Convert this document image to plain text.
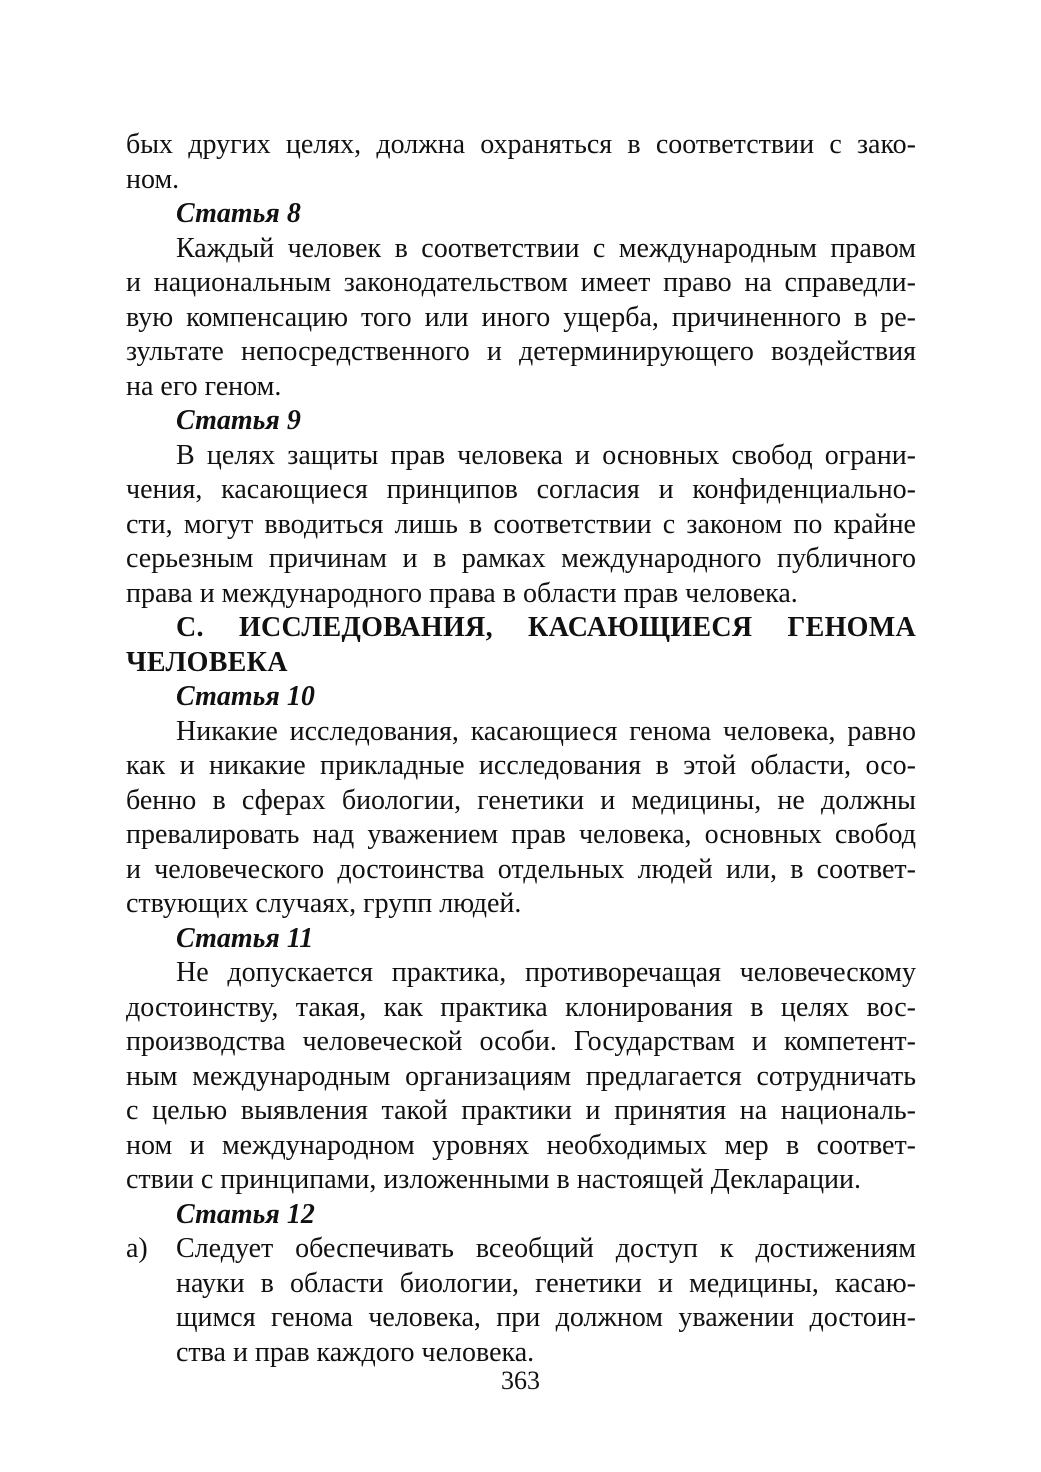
бых других целях, должна охраняться в соответствии с зако-
ном.
Статья 8
Каждый человек в соответствии с международным правом
и национальным законодательством имеет право на справедли-
вую компенсацию того или иного ущерба, причиненного в ре-
зультате непосредственного и детерминирующего воздействия
на его геном.
Статья 9
В целях защиты прав человека и основных свобод ограни-
чения, касающиеся принципов согласия и конфиденциально-
сти, могут вводиться лишь в соответствии с законом по крайне
серьезным причинам и в рамках международного публичного
права и международного права в области прав человека.
С. ИССЛЕДОВАНИЯ, КАСАЮЩИЕСЯ ГЕНОМА
ЧЕЛОВЕКА
Статья 10
Никакие исследования, касающиеся генома человека, равно
как и никакие прикладные исследования в этой области, осо-
бенно в сферах биологии, генетики и медицины, не должны
превалировать над уважением прав человека, основных свобод
и человеческого достоинства отдельных людей или, в соответ-
ствующих случаях, групп людей.
Статья 11
Не допускается практика, противоречащая человеческому
достоинству, такая, как практика клонирования в целях вос-
производства человеческой особи. Государствам и компетент-
ным международным организациям предлагается сотрудничать
с целью выявления такой практики и принятия на националь-
ном и международном уровнях необходимых мер в соответ-
ствии с принципами, изложенными в настоящей Декларации.
Статья 12
а)	Следует обеспечивать всеобщий доступ к достижениям
науки в области биологии, генетики и медицины, касаю-
щимся генома человека, при должном уважении достоин-
ства и прав каждого человека.
363
